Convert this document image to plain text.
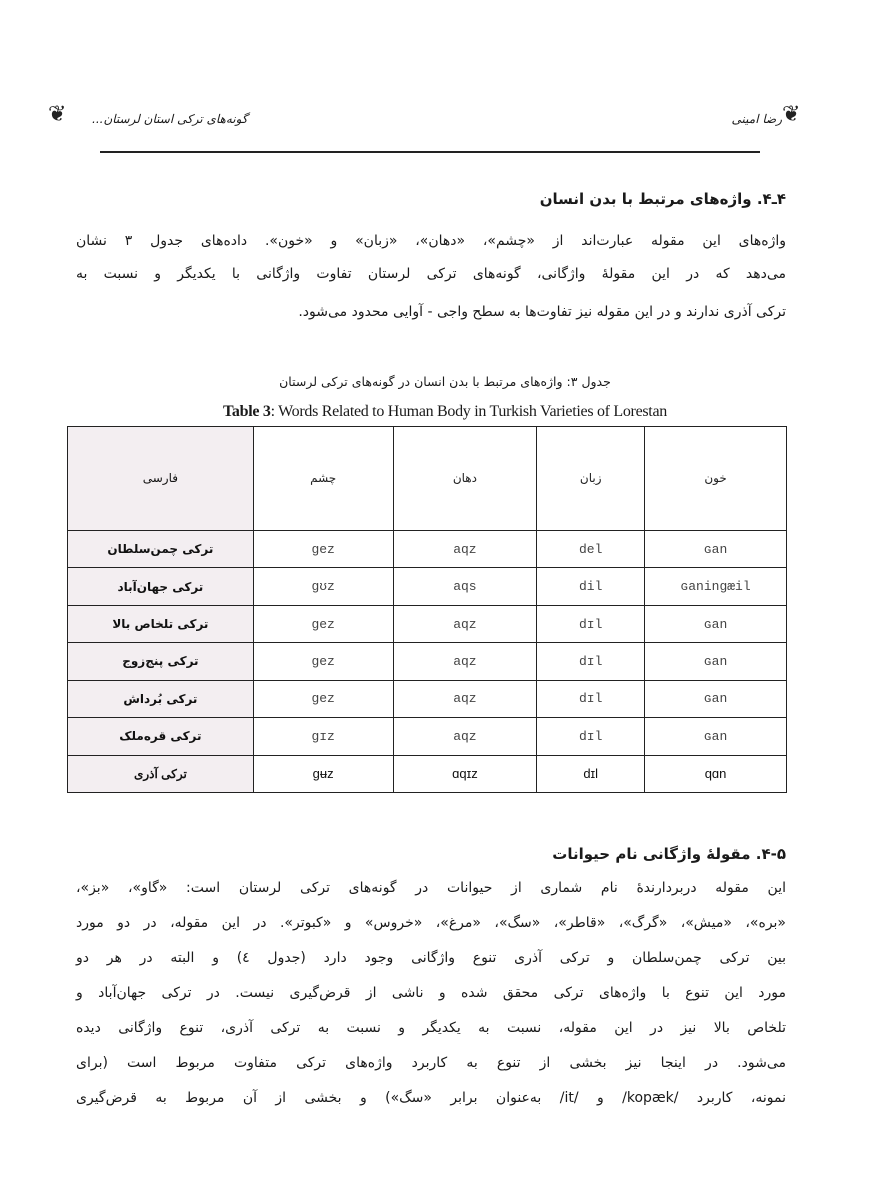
❦	❦
گونه‌های ترکی استان لرستان...	رضا امینی
۴ـ۴. واژه‌های مرتبط با بدن انسان
واژه‌های این مقوله عبارت‌اند از «چشم»، «دهان»، «زبان» و «خون». داده‌های جدول ۳ نشان
می‌دهد که در این مقولهٔ واژگانی، گونه‌های ترکی لرستان تفاوت واژگانی با یکدیگر و نسبت به
ترکی آذری ندارند و در این مقوله نیز تفاوت‌ها به سطح واجی - آوایی محدود می‌شود.
جدول ۳: واژه‌های مرتبط با بدن انسان در گونه‌های ترکی لرستان
Table 3: Words Related to Human Body in Turkish Varieties of Lorestan
فارسی	چشم	دهان	زبان	خون
ترکی چمن‌سلطان	gez	aqz	del	ɢan
ترکی جهان‌آباد	gʊz	aqs	dil	ɢaningæil
ترکی تلخاص بالا	gez	aqz	dɪl	ɢan
ترکی پنج‌زوج	gez	aqz	dɪl	ɢan
ترکی بُرداش	gez	aqz	dɪl	ɢan
ترکی قره‌ملک	gɪz	aqz	dɪl	ɢan
ترکی آذری	gʉz	ɑqɪz	dɪl	qɑn
۴-۵. مقولهٔ واژگانی نام حیوانات
این مقوله دربردارندهٔ نام شماری از حیوانات در گونه‌های ترکی لرستان است: «گاو»، «بز»،
«بره»، «میش»، «گرگ»، «قاطر»، «سگ»، «مرغ»، «خروس» و «کبوتر». در این مقوله، در دو مورد
بین ترکی چمن‌سلطان و ترکی آذری تنوع واژگانی وجود دارد (جدول ٤) و البته در هر دو
مورد این تنوع با واژه‌های ترکی محقق شده و ناشی از قرض‌گیری نیست. در ترکی جهان‌آباد و
تلخاص بالا نیز در این مقوله، نسبت به یکدیگر و نسبت به ترکی آذری، تنوع واژگانی دیده
می‌شود. در اینجا نیز بخشی از تنوع به کاربرد واژه‌های ترکی متفاوت مربوط است (برای
نمونه، کاربرد /kopæk/ و /it/ به‌عنوان برابر «سگ») و بخشی از آن مربوط به قرض‌گیری
